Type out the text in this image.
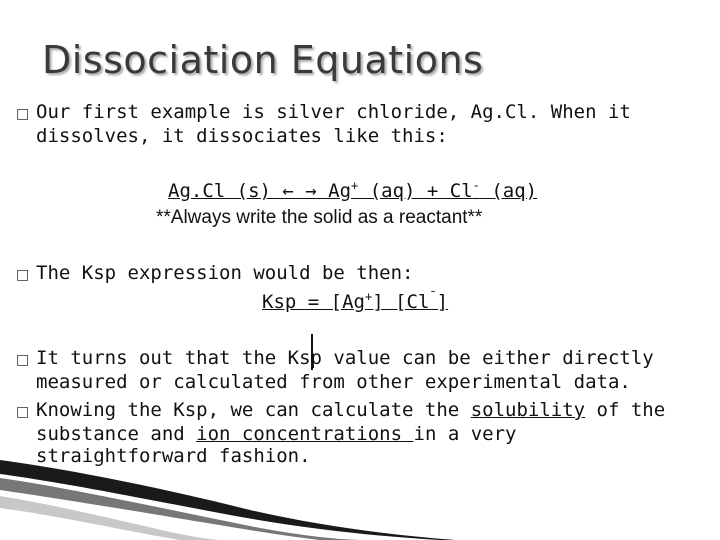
Dissociation Equations
□ Our first example is silver chloride, Ag.Cl. When it
dissolves, it dissociates like this:
Ag.Cl (s) ← → Ag+ (aq) + Cl- (aq)
**Always write the solid as a reactant**
□ The Ksp expression would be then:
Ksp = [Ag+] [Cl¯]
□ It turns out that the Ksp value can be either directly
measured or calculated from other experimental data.
□ Knowing the Ksp, we can calculate the solubility of the
substance and ion concentrations in a very
straightforward fashion.
